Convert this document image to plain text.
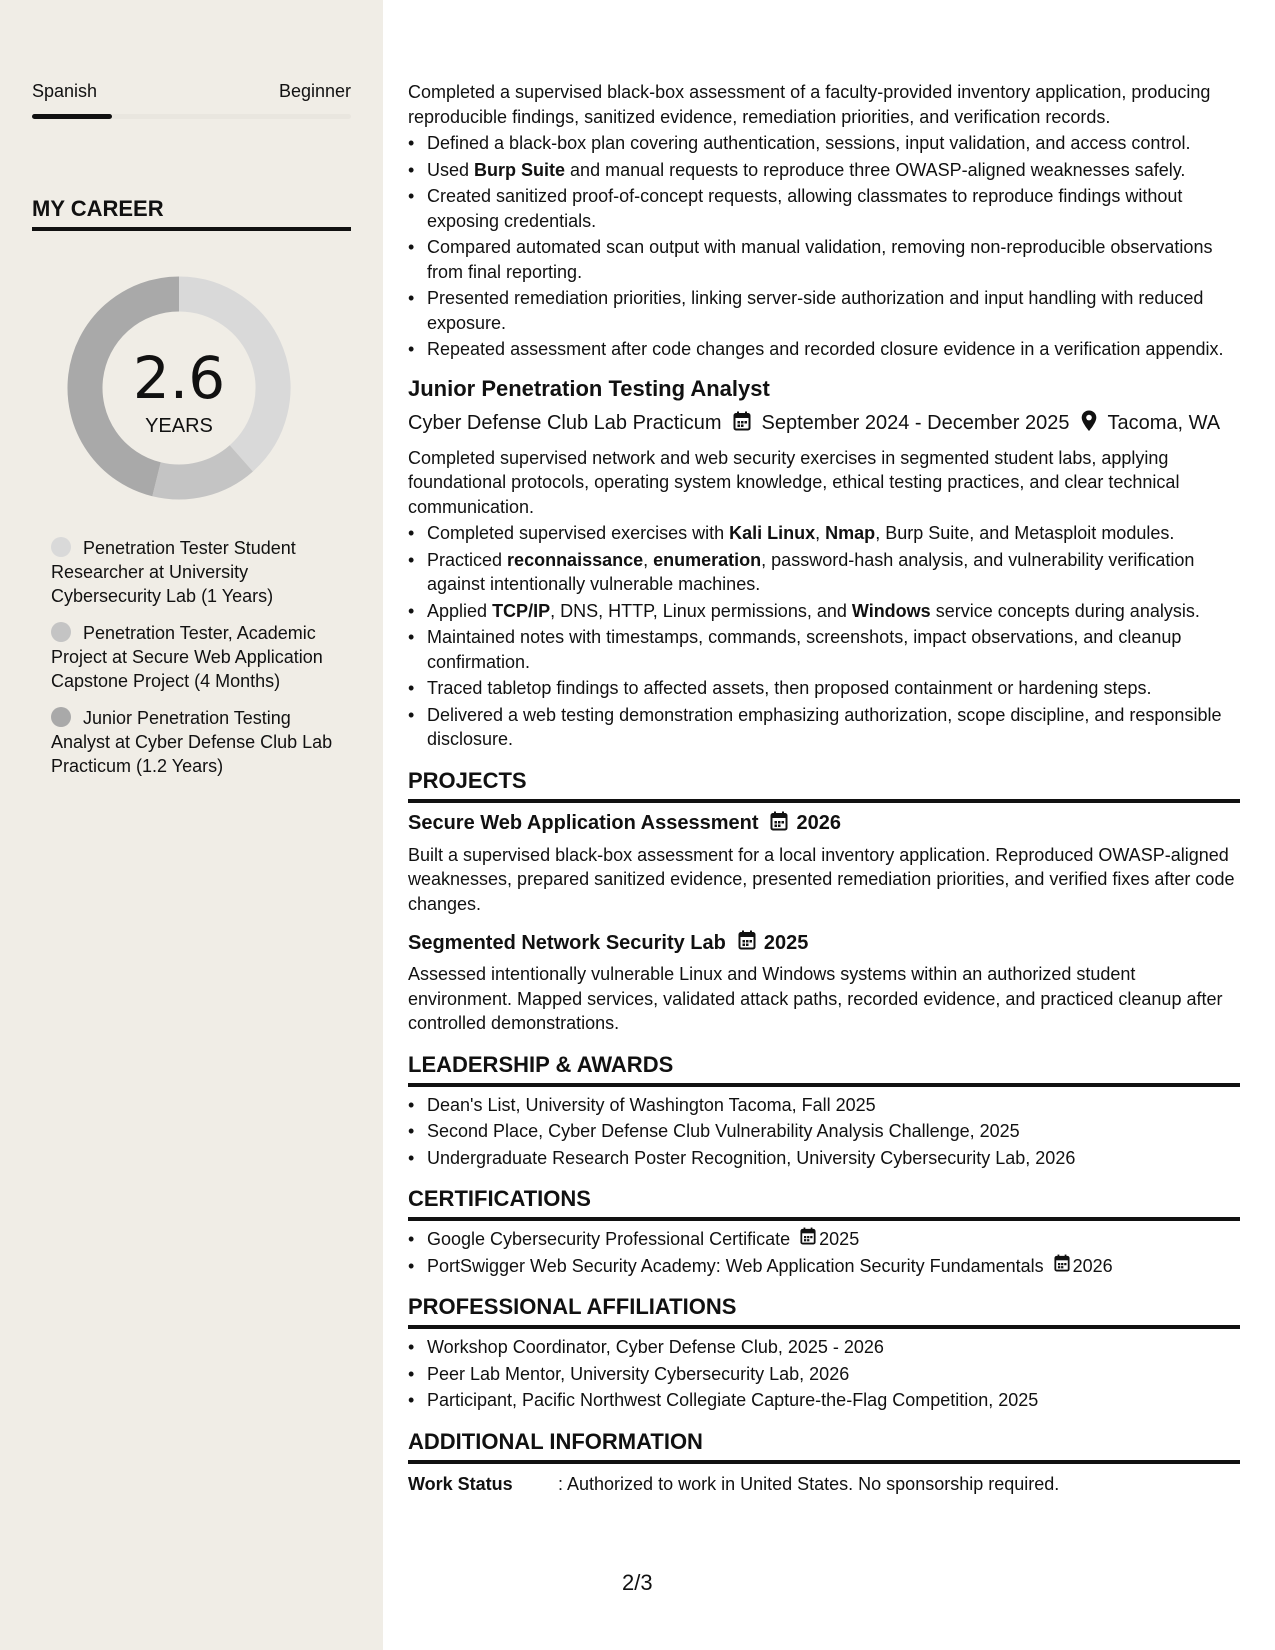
Spanish	Beginner
MY CAREER
2.6
YEARS
Penetration Tester Student Researcher at University Cybersecurity Lab (1 Years)
Penetration Tester, Academic Project at Secure Web Application Capstone Project (4 Months)
Junior Penetration Testing Analyst at Cyber Defense Club Lab Practicum (1.2 Years)
Completed a supervised black-box assessment of a faculty-provided inventory application, producing reproducible findings, sanitized evidence, remediation priorities, and verification records.
• Defined a black-box plan covering authentication, sessions, input validation, and access control.
• Used Burp Suite and manual requests to reproduce three OWASP-aligned weaknesses safely.
• Created sanitized proof-of-concept requests, allowing classmates to reproduce findings without exposing credentials.
• Compared automated scan output with manual validation, removing non-reproducible observations from final reporting.
• Presented remediation priorities, linking server-side authorization and input handling with reduced exposure.
• Repeated assessment after code changes and recorded closure evidence in a verification appendix.
Junior Penetration Testing Analyst
Cyber Defense Club Lab Practicum September 2024 - December 2025 Tacoma, WA
Completed supervised network and web security exercises in segmented student labs, applying foundational protocols, operating system knowledge, ethical testing practices, and clear technical communication.
• Completed supervised exercises with Kali Linux, Nmap, Burp Suite, and Metasploit modules.
• Practiced reconnaissance, enumeration, password-hash analysis, and vulnerability verification against intentionally vulnerable machines.
• Applied TCP/IP, DNS, HTTP, Linux permissions, and Windows service concepts during analysis.
• Maintained notes with timestamps, commands, screenshots, impact observations, and cleanup confirmation.
• Traced tabletop findings to affected assets, then proposed containment or hardening steps.
• Delivered a web testing demonstration emphasizing authorization, scope discipline, and responsible disclosure.
PROJECTS
Secure Web Application Assessment 2026
Built a supervised black-box assessment for a local inventory application. Reproduced OWASP-aligned weaknesses, prepared sanitized evidence, presented remediation priorities, and verified fixes after code changes.
Segmented Network Security Lab 2025
Assessed intentionally vulnerable Linux and Windows systems within an authorized student environment. Mapped services, validated attack paths, recorded evidence, and practiced cleanup after controlled demonstrations.
LEADERSHIP & AWARDS
• Dean's List, University of Washington Tacoma, Fall 2025
• Second Place, Cyber Defense Club Vulnerability Analysis Challenge, 2025
• Undergraduate Research Poster Recognition, University Cybersecurity Lab, 2026
CERTIFICATIONS
• Google Cybersecurity Professional Certificate 2025
• PortSwigger Web Security Academy: Web Application Security Fundamentals 2026
PROFESSIONAL AFFILIATIONS
• Workshop Coordinator, Cyber Defense Club, 2025 - 2026
• Peer Lab Mentor, University Cybersecurity Lab, 2026
• Participant, Pacific Northwest Collegiate Capture-the-Flag Competition, 2025
ADDITIONAL INFORMATION
Work Status	: Authorized to work in United States. No sponsorship required.
2/3
